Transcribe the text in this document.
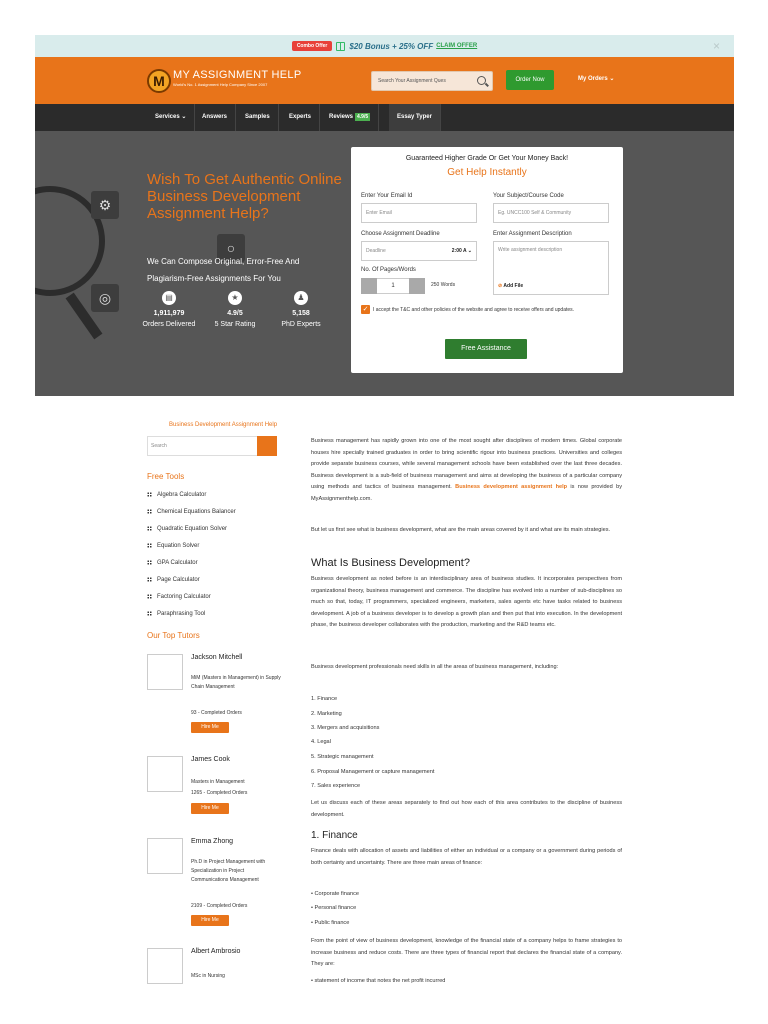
Combo Offer	$20 Bonus + 25% OFF CLAIM OFFER	×
M MY ASSIGNMENT HELP
World's No. 1 Assignment Help Company Since 2007
Search Your Assignment Ques	Order Now	My Orders ⌄
Services ⌄	Answers	Samples	Experts	Reviews 4.9/5	Essay Typer
⚙
◎
○
Wish To Get Authentic Online Business Development Assignment Help?
We Can Compose Original, Error-Free And Plagiarism-Free Assignments For You
▤
1,911,979
Orders Delivered
★
4.9/5
5 Star Rating
♟
5,158
PhD Experts
Guaranteed Higher Grade Or Get Your Money Back!
Get Help Instantly
Enter Your Email Id
Enter Email
Your Subject/Course Code
Eg. UNCC100 Self & Community
Choose Assignment Deadline
Deadline	2:00 A ⌄
Enter Assignment Description
Write assignment description
⊘ Add File
No. Of Pages/Words
1	250 Words
✓ I accept the T&C and other policies of the website and agree to receive offers and updates.
Free Assistance
Business Development Assignment Help
Search
Free Tools
Algebra Calculator
Chemical Equations Balancer
Quadratic Equation Solver
Equation Solver
GPA Calculator
Page Calculator
Factoring Calculator
Paraphrasing Tool
Our Top Tutors
Jackson Mitchell
MiM (Masters in Management) in Supply Chain Management
93 - Completed Orders
Hire Me
James Cook
Masters in Management
1265 - Completed Orders
Hire Me
Emma Zhong
Ph.D in Project Management with Specialization in Project Communications Management
2109 - Completed Orders
Hire Me
Albert Ambrosio
MSc in Nursing
Business management has rapidly grown into one of the most sought after disciplines of modern times. Global corporate houses hire specially trained graduates in order to bring scientific rigour into business practices. Universities and colleges provide separate business courses, while several management schools have been established over the last three decades. Business development is a sub-field of business management and aims at developing the business of a particular company using methods and tactics of business management. Business development assignment help is now provided by MyAssignmenthelp.com.
But let us first see what is business development, what are the main areas covered by it and what are its main strategies.
What Is Business Development?
Business development as noted before is an interdisciplinary area of business studies. It incorporates perspectives from organizational theory, business management and commerce. The discipline has evolved into a number of sub-disciplines so much so that, today, IT programmers, specialized engineers, marketers, sales agents etc have tasks related to business development. A job of a business developer is to develop a growth plan and then put that into execution. In the development phase, the business developer collaborates with the production, marketing and the R&D teams etc.
Business development professionals need skills in all the areas of business management, including:
1. Finance
2. Marketing
3. Mergers and acquisitions
4. Legal
5. Strategic management
6. Proposal Management or capture management
7. Sales experience
Let us discuss each of these areas separately to find out how each of this area contributes to the discipline of business development.
1. Finance
Finance deals with allocation of assets and liabilities of either an individual or a company or a government during periods of both certainty and uncertainty. There are three main areas of finance:
• Corporate finance
• Personal finance
• Public finance
From the point of view of business development, knowledge of the financial state of a company helps to frame strategies to increase business and reduce costs. There are three types of financial report that declares the financial state of a company. They are:
• statement of income that notes the net profit incurred
